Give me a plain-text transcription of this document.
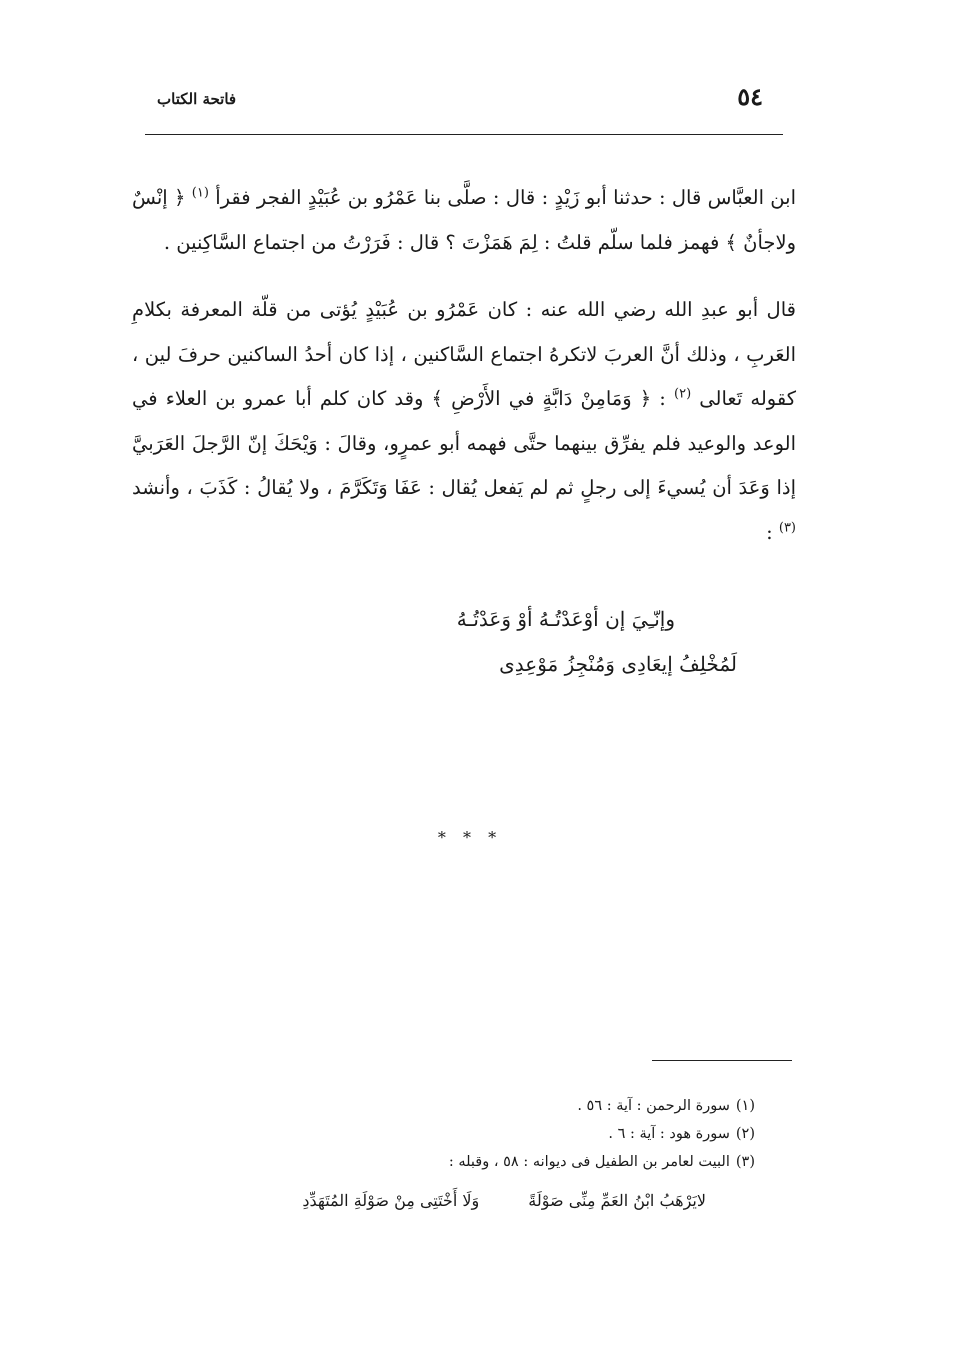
٥٤
فاتحة الكتاب

ابن العبَّاس قال : حدثنا أبو زَيْدٍ : قال : صلَّى بنا عَمْرُو بن عُبَيْدٍ الفجر فقرأ $^{(١)}$ ﴿ إنْسٌ ولاجأنٌ ﴾ فهمز فلما سلّم قلتُ : لِمَ هَمَزْتَ ؟ قال : فَرَرْتُ من اجتماع السَّاكِنين .

قال أبو عبدِ الله رضي الله عنه : كان عَمْرُو بن عُبَيْدٍ يُؤتى من قلّة المعرفة بكلامِ العَربِ ، وذلك أنَّ العربَ لاتكرهُ اجتماع السَّاكنين ، إذا كان أحدُ الساكنين حرفَ لين ، كقوله تَعالى $^{(٢)}$ : ﴿ وَمَامِنْ دَابَّةٍ في الأَرْضِ ﴾ وقد كان كلم أبا عمرو بن العلاء في الوعد والوعيد فلم يفرِّق بينهما حتَّى فهمه أبو عمرٍو، وقالَ : وَيْحَكَ إنّ الرَّجلَ العَرَبيَّ إذا وَعَدَ أن يُسيءَ إلى رجلٍ ثم لم يَفعل يُقال : عَفَا وَتَكَرَّمَ ، ولا يُقالُ : كَذَبَ ، وأنشد $^{(٣)}$ :

وإنّـِيَ إن أوْعَدْتُـهُ أوْ وَعَدْتُـهُ
لَمُخْلِفُ إيعَادِى وَمُنْجِزُ مَوْعِدِى
* * *

(١)سورة الرحمن : آية : ٥٦ .

(٢)سورة هود : آية : ٦ .

(٣)البيت لعامر بن الطفيل فى ديوانه : ٥٨ ، وقبله :

لايَرْهَبُ ابْنُ العَمِّ مِنِّى صَوْلَةً وَلَا أَخْتَتِى مِنْ صَوْلَةِ المُتَهَدِّدِ
